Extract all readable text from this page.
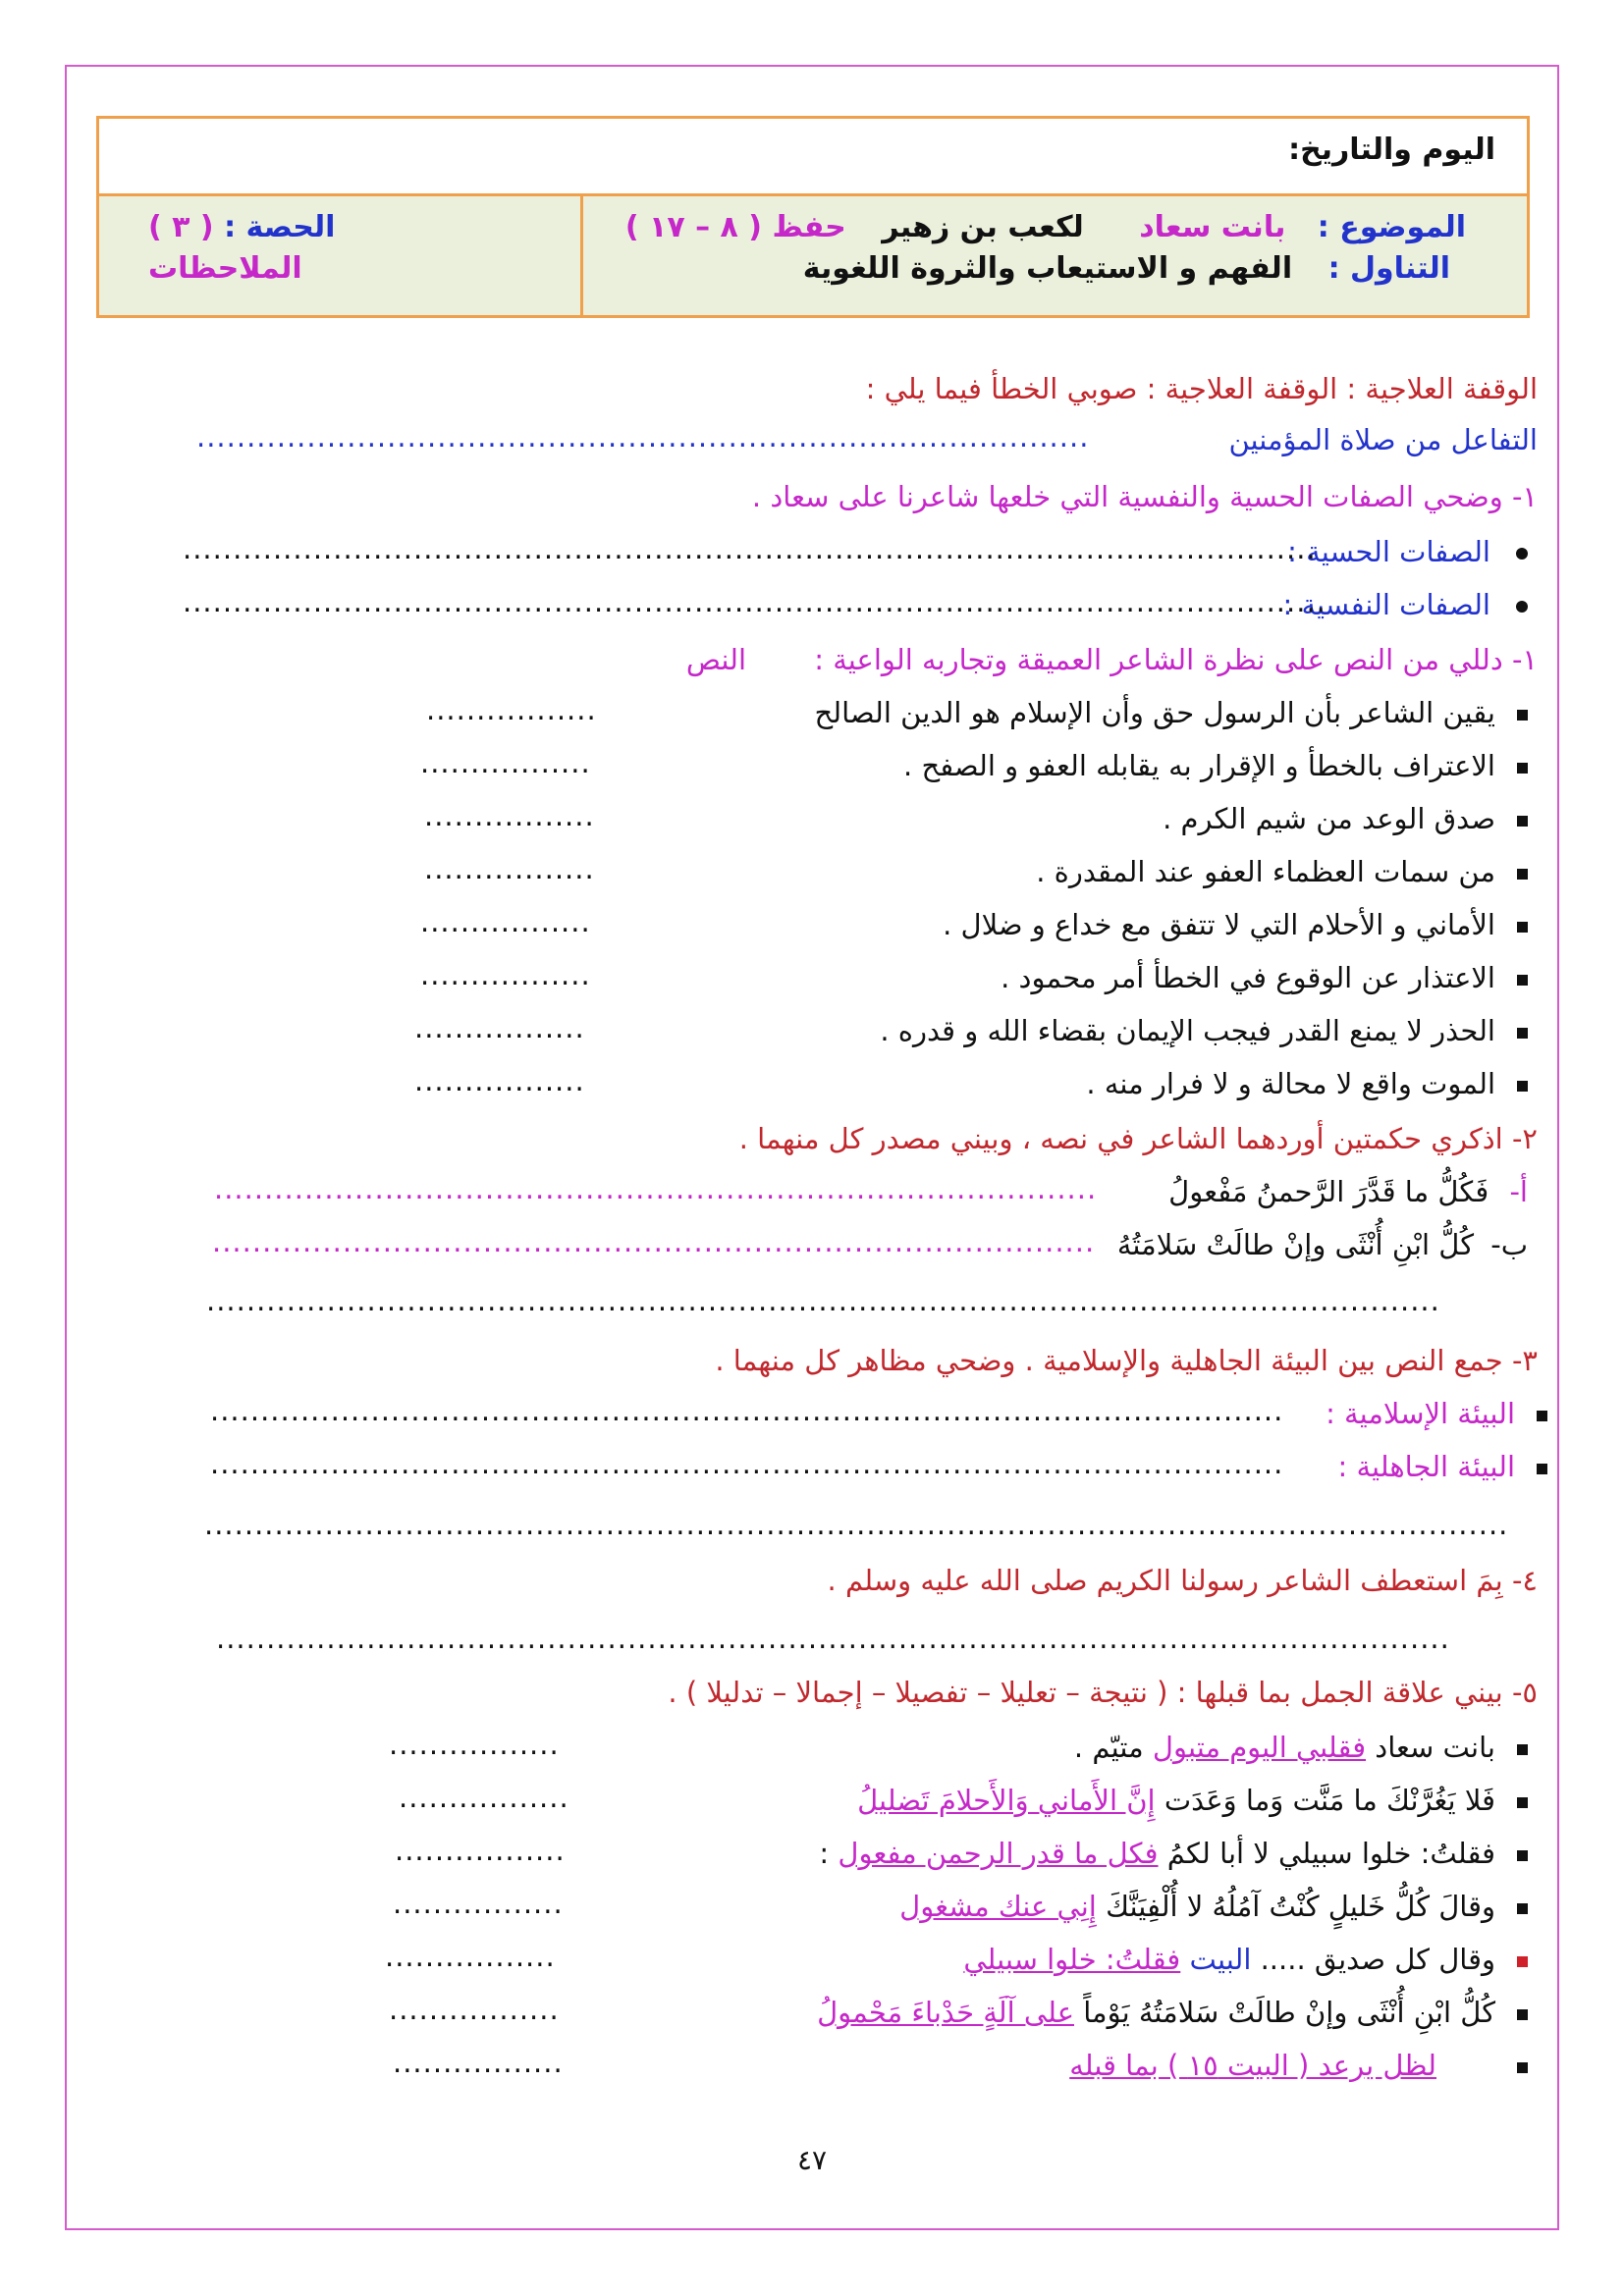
اليوم والتاريخ:
الموضوع : بانت سعاد لكعب بن زهير حفظ ( ٨ – ١٧ )
التناول : الفهم و الاستيعاب والثروة اللغوية
الحصة : ( ٣ )
الملاحظات
الوقفة العلاجية : الوقفة العلاجية : صوبي الخطأ فيما يلي :
التفاعل من صلاة المؤمنين
.........................................................................................
١- وضحي الصفات الحسية والنفسية التي خلعها شاعرنا على سعاد .
الصفات الحسية :
.................................................................................................................
الصفات النفسية :
..................................................................................................................
١- دللي من النص على نظرة الشاعر العميقة وتجاربه الواعية : النص
يقين الشاعر بأن الرسول حق وأن الإسلام هو الدين الصالح
.................
الاعتراف بالخطأ و الإقرار به يقابله العفو و الصفح .
.................
صدق الوعد من شيم الكرم .
.................
من سمات العظماء العفو عند المقدرة .
.................
الأماني و الأحلام التي لا تتفق مع خداع و ضلال .
.................
الاعتذار عن الوقوع في الخطأ أمر محمود .
.................
الحذر لا يمنع القدر فيجب الإيمان بقضاء الله و قدره .
.................
الموت واقع لا محالة و لا فرار منه .
.................
٢- اذكري حكمتين أوردهما الشاعر في نصه ، وبيني مصدر كل منهما .
أ- فَكُلُّ ما قَدَّرَ الرَّحمنُ مَفْعولُ
........................................................................................
ب- كُلُّ ابْنِ أُنْثَى وإنْ طالَتْ سَلامَتُهُ
........................................................................................
...........................................................................................................................
٣- جمع النص بين البيئة الجاهلية والإسلامية . وضحي مظاهر كل منهما .
البيئة الإسلامية :
...........................................................................................................
البيئة الجاهلية :
...........................................................................................................
..................................................................................................................................
٤- بِمَ استعطف الشاعر رسولنا الكريم صلى الله عليه وسلم .
...........................................................................................................................
٥- بيني علاقة الجمل بما قبلها : ( نتيجة – تعليلا – تفصيلا – إجمالا – تدليلا ) .
بانت سعاد فقلبي اليوم متبول متيّم .
.................
فَلا يَغُرَّنْكَ ما مَنَّت وَما وَعَدَت إِنَّ الأَماني وَالأَحلامَ تَضليلُ
.................
فقلتُ: خلوا سبيلي لا أبا لكمُ فكل ما قدر الرحمن مفعول :
.................
وقالَ كُلُّ خَليلٍ كُنْتُ آمُلُهُ لا أُلْفِيَنَّكَ إِنِي عنك مشغول
.................
وقال كل صديق ..... البيت فقلتُ: خلوا سبيلي
.................
كُلُّ ابْنِ أُنْثَى وإنْ طالَتْ سَلامَتُهُ يَوْماً على آلَةٍ حَدْباءَ مَحْمولُ
.................
لظل يرعد ( البيت ١٥ ) بما قبله
.................
٤٧
